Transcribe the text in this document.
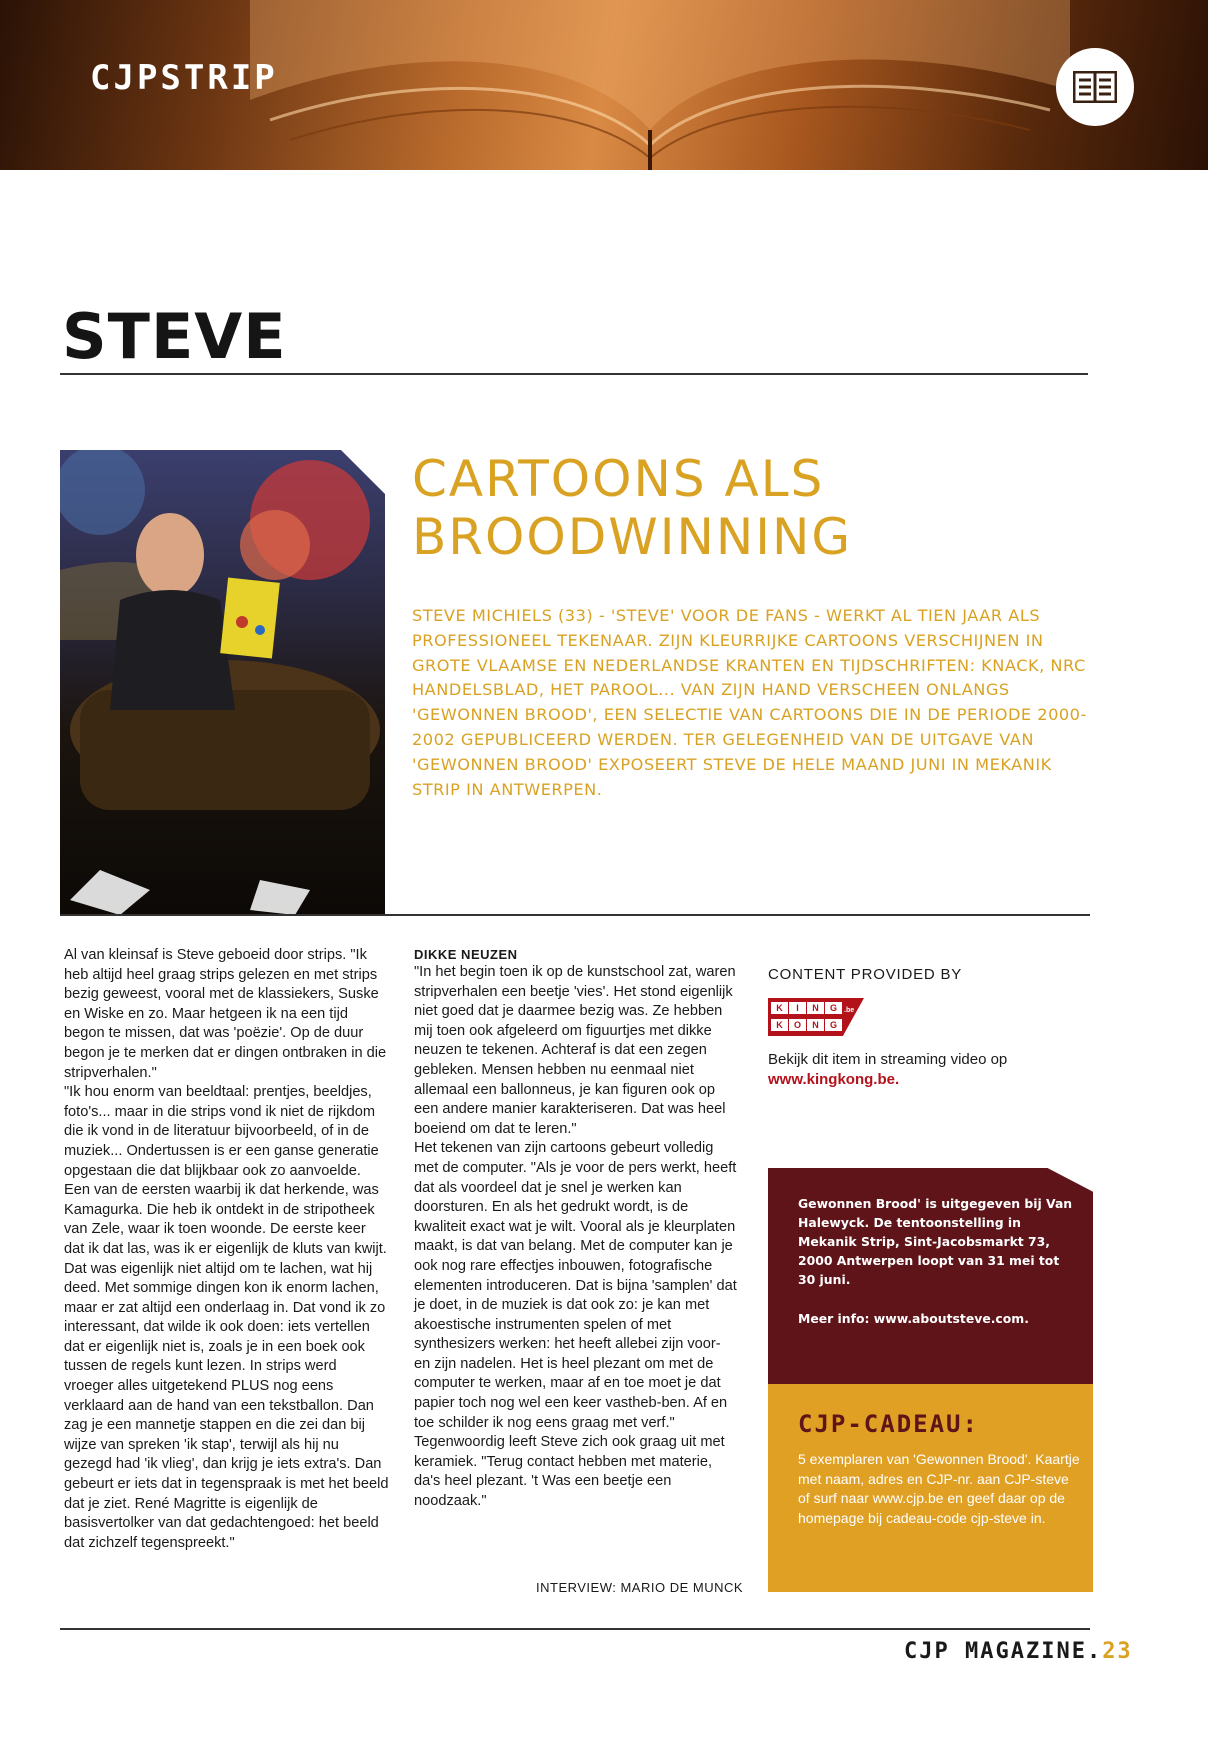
CJPSTRIP
STEVE
CARTOONS ALS BROODWINNING
STEVE MICHIELS (33) - 'STEVE' VOOR DE FANS - WERKT AL TIEN JAAR ALS PROFESSIONEEL TEKENAAR. ZIJN KLEURRIJKE CARTOONS VERSCHIJNEN IN GROTE VLAAMSE EN NEDERLANDSE KRANTEN EN TIJDSCHRIFTEN: KNACK, NRC HANDELSBLAD, HET PAROOL... VAN ZIJN HAND VERSCHEEN ONLANGS 'GEWONNEN BROOD', EEN SELECTIE VAN CARTOONS DIE IN DE PERIODE 2000-2002 GEPUBLICEERD WERDEN. TER GELEGENHEID VAN DE UITGAVE VAN 'GEWONNEN BROOD' EXPOSEERT STEVE DE HELE MAAND JUNI IN MEKANIK STRIP IN ANTWERPEN.

Al van kleinsaf is Steve geboeid door strips. "Ik heb altijd heel graag strips gelezen en met strips bezig geweest, vooral met de klassiekers, Suske en Wiske en zo. Maar hetgeen ik na een tijd begon te missen, dat was 'poëzie'. Op de duur begon je te merken dat er dingen ontbraken in die stripverhalen."

"Ik hou enorm van beeldtaal: prentjes, beeldjes, foto's... maar in die strips vond ik niet de rijkdom die ik vond in de literatuur bijvoorbeeld, of in de muziek... Ondertussen is er een ganse generatie opgestaan die dat blijkbaar ook zo aanvoelde. Een van de eersten waarbij ik dat herkende, was Kamagurka. Die heb ik ontdekt in de stripotheek van Zele, waar ik toen woonde. De eerste keer dat ik dat las, was ik er eigenlijk de kluts van kwijt. Dat was eigenlijk niet altijd om te lachen, wat hij deed. Met sommige dingen kon ik enorm lachen, maar er zat altijd een onderlaag in. Dat vond ik zo interessant, dat wilde ik ook doen: iets vertellen dat er eigenlijk niet is, zoals je in een boek ook tussen de regels kunt lezen. In strips werd vroeger alles uitgetekend PLUS nog eens verklaard aan de hand van een tekstballon. Dan zag je een mannetje stappen en die zei dan bij wijze van spreken 'ik stap', terwijl als hij nu gezegd had 'ik vlieg', dan krijg je iets extra's. Dan gebeurt er iets dat in tegenspraak is met het beeld dat je ziet. René Magritte is eigenlijk de basisvertolker van dat gedachtengoed: het beeld dat zichzelf tegenspreekt."

DIKKE NEUZEN

"In het begin toen ik op de kunstschool zat, waren stripverhalen een beetje 'vies'. Het stond eigenlijk niet goed dat je daarmee bezig was. Ze hebben mij toen ook afgeleerd om figuurtjes met dikke neuzen te tekenen. Achteraf is dat een zegen gebleken. Mensen hebben nu eenmaal niet allemaal een ballonneus, je kan figuren ook op een andere manier karakteriseren. Dat was heel boeiend om dat te leren."

Het tekenen van zijn cartoons gebeurt volledig met de computer. "Als je voor de pers werkt, heeft dat als voordeel dat je snel je werken kan doorsturen. En als het gedrukt wordt, is de kwaliteit exact wat je wilt. Vooral als je kleurplaten maakt, is dat van belang. Met de computer kan je ook nog rare effectjes inbouwen, fotografische elementen introduceren. Dat is bijna 'samplen' dat je doet, in de muziek is dat ook zo: je kan met akoestische instrumenten spelen of met synthesizers werken: het heeft allebei zijn voor- en zijn nadelen. Het is heel plezant om met de computer te werken, maar af en toe moet je dat papier toch nog wel een keer vastheb-ben. Af en toe schilder ik nog eens graag met verf." Tegenwoordig leeft Steve zich ook graag uit met keramiek. "Terug contact hebben met materie, da's heel plezant. 't Was een beetje een noodzaak."

INTERVIEW: MARIO DE MUNCK
CONTENT PROVIDED BY
K	I	N	G
K	O	N	G
.be
Bekijk dit item in streaming video op
www.kingkong.be.
Gewonnen Brood' is uitgegeven bij Van Halewyck. De tentoonstelling in Mekanik Strip, Sint-Jacobsmarkt 73, 2000 Antwerpen loopt van 31 mei tot 30 juni.
Meer info: www.aboutsteve.com.
CJP-CADEAU:
5 exemplaren van 'Gewonnen Brood'. Kaartje met naam, adres en CJP-nr. aan CJP-steve of surf naar www.cjp.be en geef daar op de homepage bij cadeau-code cjp-steve in.
CJP MAGAZINE.23
